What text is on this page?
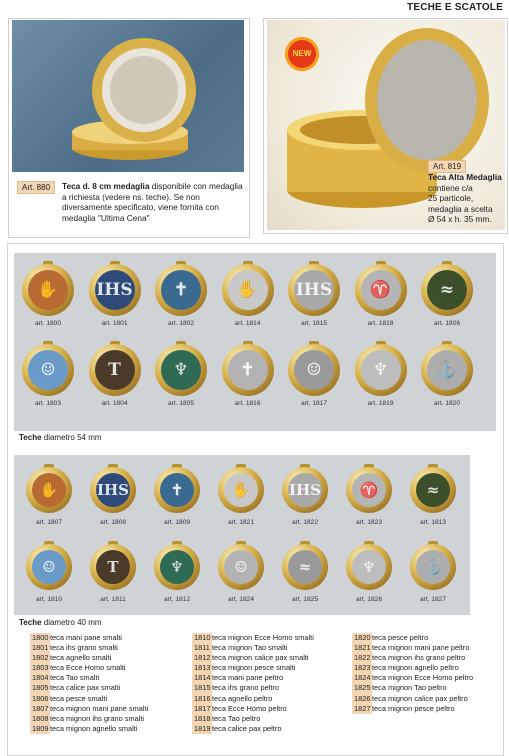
TECHE E SCATOLE
Art. 880	Teca d. 8 cm medaglia disponibile con medaglia a richiesta (vedere ns. teche). Se non diversamente specificato, viene fornita con medaglia "Ultima Cena"
NEW
Art. 819
Teca Alta Medaglia
contiene c/a
25 particole,
medaglia a scelta
Ø 54 x h. 35 mm.
✋
art. 1800
IHS
art. 1801
✝
art. 1802
✋
art. 1814
IHS
art. 1815
♈
art. 1818
≈
art. 1806
☺
art. 1803
T
art. 1804
♆
art. 1805
✝
art. 1816
☺
art. 1817
♆
art. 1819
⚓
art. 1820
Teche diametro 54 mm
✋
art. 1807
IHS
art. 1808
✝
art. 1809
✋
art. 1821
IHS
art. 1822
♈
art. 1823
≈
art. 1813
☺
art. 1810
T
art. 1811
♆
art. 1812
☺
art. 1824
≈
art. 1825
♆
art. 1826
⚓
art. 1827
Teche diametro 40 mm
1800 teca mani pane smalti
1801 teca ihs grano smalti
1802 teca agnello smalti
1803 teca Ecce Homo smalti
1804 teca Tao smalti
1805 teca calice pax smalti
1806 teca pesce smalti
1807 teca mignon mani pane smalti
1808 teca mignon ihs grano smalti
1809 teca mignon agnello smalti
1810 teca mignon Ecce Homo smalti
1811 teca mignon Tao smalti
1812 teca mignon calice pax smalti
1813 teca mignon pesce smalti
1814 teca mani pane peltro
1815 teca ihs grano peltro
1816 teca agnello peltro
1817 teca Ecce Homo peltro
1818 teca Tao peltro
1819 teca calice pax peltro
1820 teca pesce peltro
1821 teca mignon mani pane peltro
1822 teca mignon ihs grano peltro
1823 teca mignon agnello peltro
1824 teca mignon Ecce Homo peltro
1825 teca mignon Tao peltro
1826 teca mignon calice pax peltro
1827 teca mignon pesce peltro
